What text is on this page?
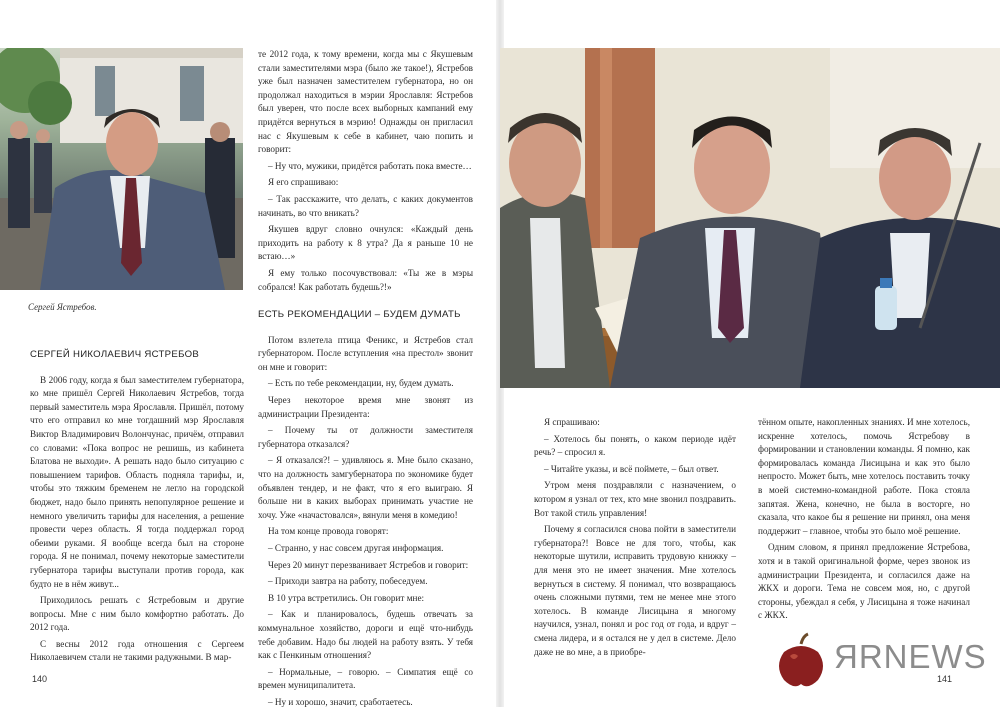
Сергей Ястребов.
СЕРГЕЙ НИКОЛАЕВИЧ ЯСТРЕБОВ

В 2006 году, когда я был заместителем губернатора, ко мне пришёл Сергей Николаевич Ястребов, тогда первый заместитель мэра Ярославля. Пришёл, потому что его отправил ко мне тогдашний мэр Ярославля Виктор Владимирович Волончунас, причём, отправил со словами: «Пока вопрос не решишь, из кабинета Блатова не выходи». А решать надо было ситуацию с повышением тарифов. Область подняла тарифы, и, чтобы это тяжким бременем не легло на городской бюджет, надо было принять непопулярное решение и немного увеличить тарифы для населения, а решение провести через область. Я тогда поддержал город обеими руками. Я вообще всегда был на стороне города. Я не понимал, почему некоторые заместители губернатора тарифы выступали против города, как будто не в нём живут...

Приходилось решать с Ястребовым и другие вопросы. Мне с ним было комфортно работать. До 2012 года.

С весны 2012 года отношения с Сергеем Николаевичем стали не такими радужными. В мар-

те 2012 года, к тому времени, когда мы с Якушевым стали заместителями мэра (было же такое!), Ястребов уже был назначен заместителем губернатора, но он продолжал находиться в мэрии Ярославля: Ястребов был уверен, что после всех выборных кампаний ему придётся вернуться в мэрию! Однажды он пригласил нас с Якушевым к себе в кабинет, чаю попить и говорит:

– Ну что, мужики, придётся работать пока вместе…

Я его спрашиваю:

– Так расскажите, что делать, с каких документов начинать, во что вникать?

Якушев вдруг словно очнулся: «Каждый день приходить на работу к 8 утра? Да я раньше 10 не встаю…»

Я ему только посочувствовал: «Ты же в мэры собрался! Как работать будешь?!»

ЕСТЬ РЕКОМЕНДАЦИИ – БУДЕМ ДУМАТЬ

Потом взлетела птица Феникс, и Ястребов стал губернатором. После вступления «на престол» звонит он мне и говорит:

– Есть по тебе рекомендации, ну, будем думать.

Через некоторое время мне звонят из администрации Президента:

– Почему ты от должности заместителя губернатора отказался?

– Я отказался?! – удивляюсь я. Мне было сказано, что на должность замгубернатора по экономике будет объявлен тендер, и не факт, что я его выиграю. Я больше ни в каких выборах принимать участие не хочу. Уже «начастовался», вянули меня в комедию!

На том конце провода говорят:

– Странно, у нас совсем другая информация.

Через 20 минут перезванивает Ястребов и говорит:

– Приходи завтра на работу, побеседуем.

В 10 утра встретились. Он говорит мне:

– Как и планировалось, будешь отвечать за коммунальное хозяйство, дороги и ещё что-нибудь тебе добавим. Надо бы людей на работу взять. У тебя как с Пенкиным отношения?

– Нормальные, – говорю. – Симпатия ещё со времен муниципалитета.

– Ну и хорошо, значит, сработаетесь.

Я спрашиваю:

– Хотелось бы понять, о каком периоде идёт речь? – спросил я.

– Читайте указы, и всё поймете, – был ответ.

Утром меня поздравляли с назначением, о котором я узнал от тех, кто мне звонил поздравить. Вот такой стиль управления!

Почему я согласился снова пойти в заместители губернатора?! Вовсе не для того, чтобы, как некоторые шутили, исправить трудовую книжку – для меня это не имеет значения. Мне хотелось вернуться в систему. Я понимал, что возвращаюсь очень сложными путями, тем не менее мне этого хотелось. В команде Лисицына я многому научился, узнал, понял и рос год от года, и вдруг – смена лидера, и я остался не у дел в системе. Дело даже не во мне, а в приобре-

тённом опыте, накопленных знаниях. И мне хотелось, искренне хотелось, помочь Ястребову в формировании и становлении команды. Я помню, как формировалась команда Лисицына и как это было непросто. Может быть, мне хотелось поставить точку в моей системно-командной работе. Пока стояла запятая. Жена, конечно, не была в восторге, но сказала, что какое бы я решение ни принял, она меня поддержит – главное, чтобы это было моё решение.

Одним словом, я принял предложение Ястребова, хотя и в такой оригинальной форме, через звонок из администрации Президента, и согласился даже на ЖКХ и дороги. Тема не совсем моя, но, с другой стороны, убеждал я себя, у Лисицына я тоже начинал с ЖКХ.

140	141
ЯRNEWS
